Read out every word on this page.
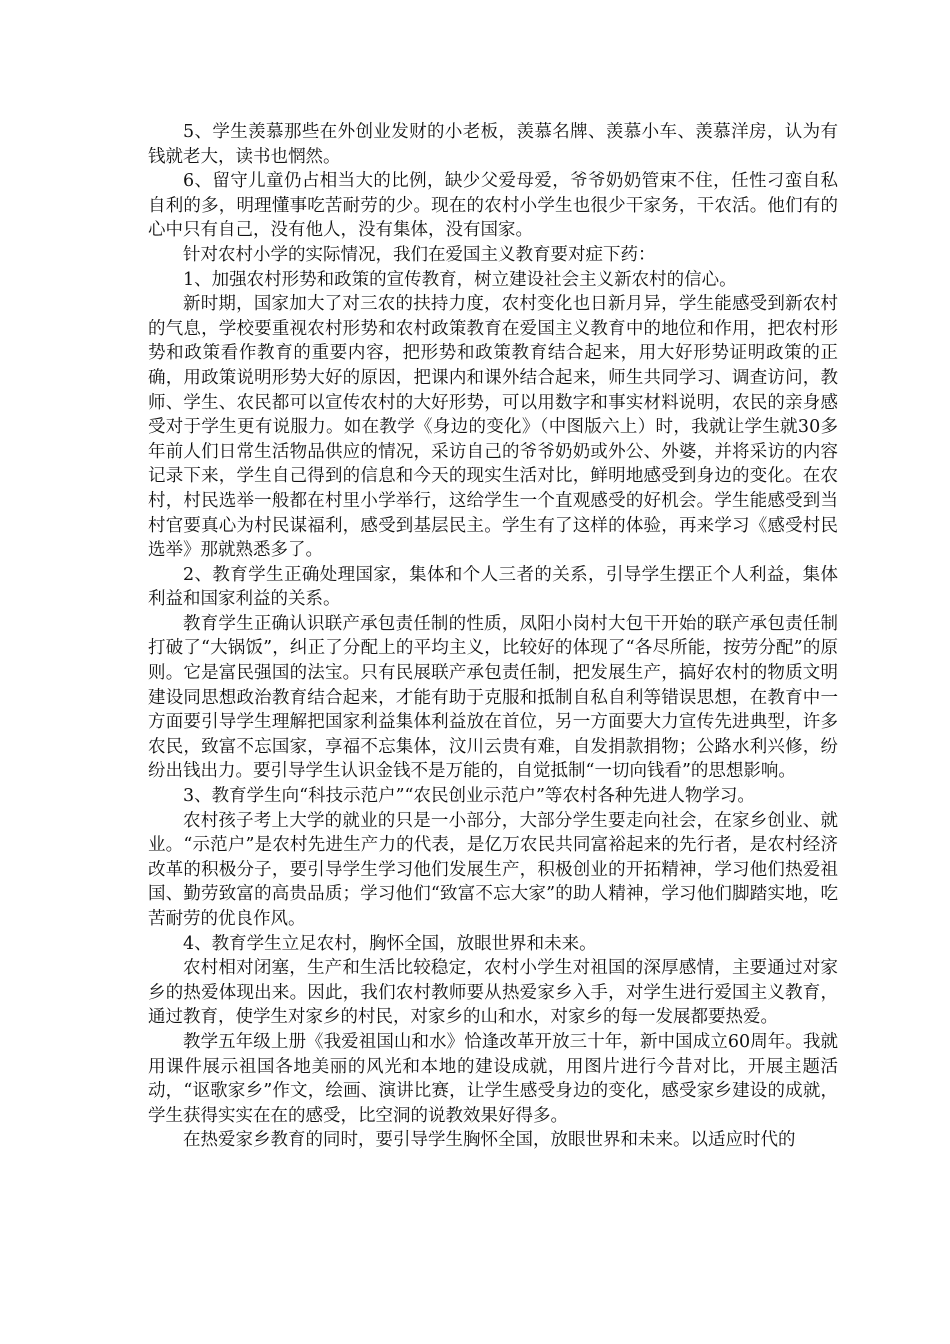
5、学生羡慕那些在外创业发财的小老板，羡慕名牌、羡慕小车、羡慕洋房，认为有钱就老大，读书也惘然。

6、留守儿童仍占相当大的比例，缺少父爱母爱，爷爷奶奶管束不住，任性刁蛮自私自利的多，明理懂事吃苦耐劳的少。现在的农村小学生也很少干家务，干农活。他们有的心中只有自己，没有他人，没有集体，没有国家。

针对农村小学的实际情况，我们在爱国主义教育要对症下药：

1、加强农村形势和政策的宣传教育，树立建设社会主义新农村的信心。

新时期，国家加大了对三农的扶持力度，农村变化也日新月异，学生能感受到新农村的气息，学校要重视农村形势和农村政策教育在爱国主义教育中的地位和作用，把农村形势和政策看作教育的重要内容，把形势和政策教育结合起来，用大好形势证明政策的正确，用政策说明形势大好的原因，把课内和课外结合起来，师生共同学习、调查访问，教师、学生、农民都可以宣传农村的大好形势，可以用数字和事实材料说明，农民的亲身感受对于学生更有说服力。如在教学《身边的变化》（中图版六上）时，我就让学生就30多年前人们日常生活物品供应的情况，采访自己的爷爷奶奶或外公、外婆，并将采访的内容记录下来，学生自己得到的信息和今天的现实生活对比，鲜明地感受到身边的变化。在农村，村民选举一般都在村里小学举行，这给学生一个直观感受的好机会。学生能感受到当村官要真心为村民谋福利，感受到基层民主。学生有了这样的体验，再来学习《感受村民选举》那就熟悉多了。

2、教育学生正确处理国家，集体和个人三者的关系，引导学生摆正个人利益，集体利益和国家利益的关系。

教育学生正确认识联产承包责任制的性质，凤阳小岗村大包干开始的联产承包责任制打破了“大锅饭”，纠正了分配上的平均主义，比较好的体现了“各尽所能，按劳分配”的原则。它是富民强国的法宝。只有民展联产承包责任制，把发展生产，搞好农村的物质文明建设同思想政治教育结合起来，才能有助于克服和抵制自私自利等错误思想，在教育中一方面要引导学生理解把国家利益集体利益放在首位，另一方面要大力宣传先进典型，许多农民，致富不忘国家，享福不忘集体，汶川云贵有难，自发捐款捐物；公路水利兴修，纷纷出钱出力。要引导学生认识金钱不是万能的，自觉抵制“一切向钱看”的思想影响。

3、教育学生向“科技示范户”“农民创业示范户”等农村各种先进人物学习。

农村孩子考上大学的就业的只是一小部分，大部分学生要走向社会，在家乡创业、就业。“示范户”是农村先进生产力的代表，是亿万农民共同富裕起来的先行者，是农村经济改革的积极分子，要引导学生学习他们发展生产，积极创业的开拓精神，学习他们热爱祖国、勤劳致富的高贵品质；学习他们“致富不忘大家”的助人精神，学习他们脚踏实地，吃苦耐劳的优良作风。

4、教育学生立足农村，胸怀全国，放眼世界和未来。

农村相对闭塞，生产和生活比较稳定，农村小学生对祖国的深厚感情，主要通过对家乡的热爱体现出来。因此，我们农村教师要从热爱家乡入手，对学生进行爱国主义教育，通过教育，使学生对家乡的村民，对家乡的山和水，对家乡的每一发展都要热爱。

教学五年级上册《我爱祖国山和水》恰逢改革开放三十年，新中国成立60周年。我就用课件展示祖国各地美丽的风光和本地的建设成就，用图片进行今昔对比，开展主题活动，“讴歌家乡”作文，绘画、演讲比赛，让学生感受身边的变化，感受家乡建设的成就，学生获得实实在在的感受，比空洞的说教效果好得多。

在热爱家乡教育的同时，要引导学生胸怀全国，放眼世界和未来。以适应时代的
